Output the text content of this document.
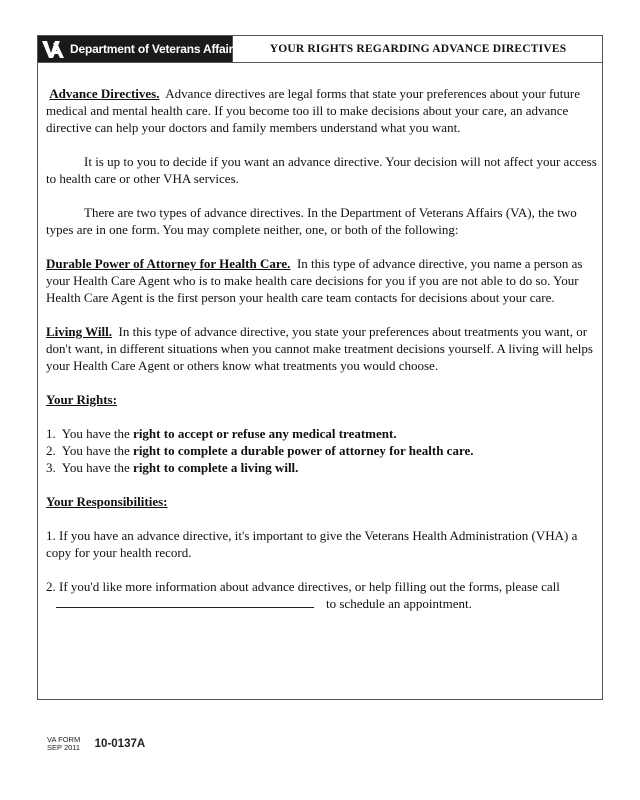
Department of Veterans Affairs	YOUR RIGHTS REGARDING ADVANCE DIRECTIVES

Advance Directives. Advance directives are legal forms that state your preferences about your future medical and mental health care. If you become too ill to make decisions about your care, an advance directive can help your doctors and family members understand what you want.

It is up to you to decide if you want an advance directive. Your decision will not affect your access to health care or other VHA services.

There are two types of advance directives. In the Department of Veterans Affairs (VA), the two types are in one form. You may complete neither, one, or both of the following:

Durable Power of Attorney for Health Care. In this type of advance directive, you name a person as your Health Care Agent who is to make health care decisions for you if you are not able to do so. Your Health Care Agent is the first person your health care team contacts for decisions about your care.

Living Will. In this type of advance directive, you state your preferences about treatments you want, or don't want, in different situations when you cannot make treatment decisions yourself. A living will helps your Health Care Agent or others know what treatments you would choose.

Your Rights:

1. You have the right to accept or refuse any medical treatment.
2. You have the right to complete a durable power of attorney for health care.
3. You have the right to complete a living will.

Your Responsibilities:

1. If you have an advance directive, it's important to give the Veterans Health Administration (VHA) a copy for your health record.

2. If you'd like more information about advance directives, or help filling out the forms, please callto schedule an appointment.

VA FORM
SEP 2011 10-0137A
